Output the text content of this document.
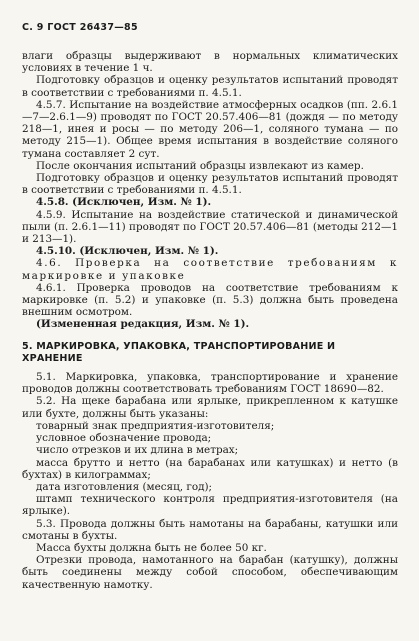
С. 9 ГОСТ 26437—85

влаги образцы выдерживают в нормальных климатических условиях в течение 1 ч.

Подготовку образцов и оценку результатов испытаний проводят в соответствии с требованиями п. 4.5.1.

4.5.7. Испытание на воздействие атмосферных осадков (пп. 2.6.1—7—2.6.1—9) проводят по ГОСТ 20.57.406—81 (дождя — по методу 218—1, инея и росы — по методу 206—1, соляного тумана — по методу 215—1). Общее время испытания в воздействие соляного тумана составляет 2 сут.

После окончания испытаний образцы извлекают из камер.

Подготовку образцов и оценку результатов испытаний проводят в соответствии с требованиями п. 4.5.1.

4.5.8. (Исключен, Изм. № 1).

4.5.9. Испытание на воздействие статической и динамической пыли (п. 2.6.1—11) проводят по ГОСТ 20.57.406—81 (методы 212—1 и 213—1).

4.5.10. (Исключен, Изм. № 1).

4.6. Проверка на соответствие требованиям к маркировке и упаковке

4.6.1. Проверка проводов на соответствие требованиям к маркировке (п. 5.2) и упаковке (п. 5.3) должна быть проведена внешним осмотром.

(Измененная редакция, Изм. № 1).

5. МАРКИРОВКА, УПАКОВКА, ТРАНСПОРТИРОВАНИЕ И ХРАНЕНИЕ

5.1. Маркировка, упаковка, транспортирование и хранение проводов должны соответствовать требованиям ГОСТ 18690—82.

5.2. На щеке барабана или ярлыке, прикрепленном к катушке или бухте, должны быть указаны:

товарный знак предприятия-изготовителя;

условное обозначение провода;

число отрезков и их длина в метрах;

масса брутто и нетто (на барабанах или катушках) и нетто (в бухтах) в килограммах;

дата изготовления (месяц, год);

штамп технического контроля предприятия-изготовителя (на ярлыке).

5.3. Провода должны быть намотаны на барабаны, катушки или смотаны в бухты.

Масса бухты должна быть не более 50 кг.

Отрезки провода, намотанного на барабан (катушку), должны быть соединены между собой способом, обеспечивающим качественную намотку.
